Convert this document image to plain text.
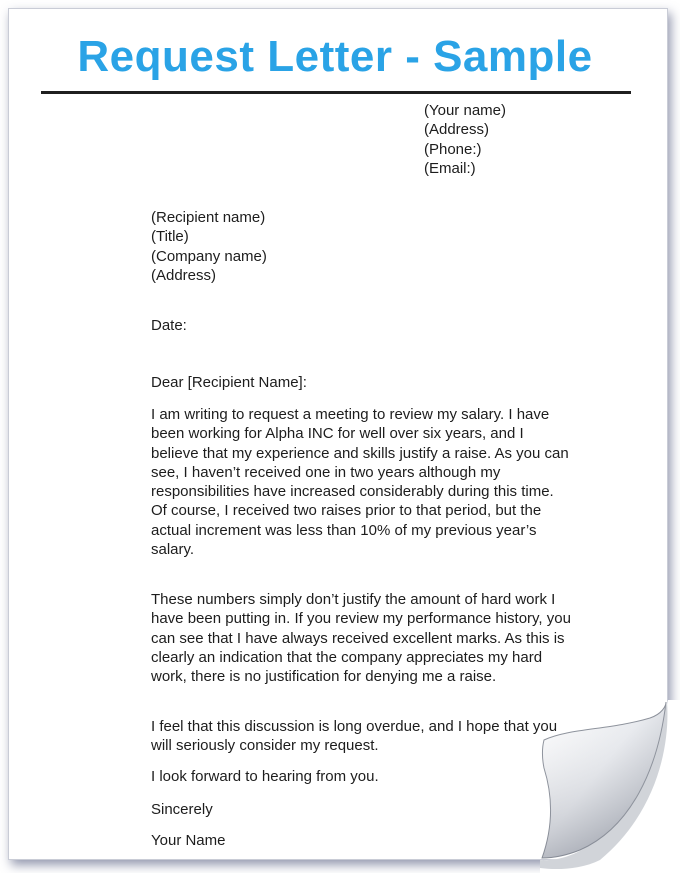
Request Letter - Sample
(Your name)
(Address)
(Phone:)
(Email:)
(Recipient name)
(Title)
(Company name)
(Address)
Date:
Dear [Recipient Name]:

I am writing to request a meeting to review my salary. I have been working for Alpha INC for well over six years, and I believe that my experience and skills justify a raise. As you can see, I haven’t received one in two years although my responsibilities have increased considerably during this time. Of course, I received two raises prior to that period, but the actual increment was less than 10% of my previous year’s salary.

These numbers simply don’t justify the amount of hard work I have been putting in. If you review my performance history, you can see that I have always received excellent marks. As this is clearly an indication that the company appreciates my hard work, there is no justification for denying me a raise.

I feel that this discussion is long overdue, and I hope that you will seriously consider my request.

I look forward to hearing from you.

Sincerely
Your Name
